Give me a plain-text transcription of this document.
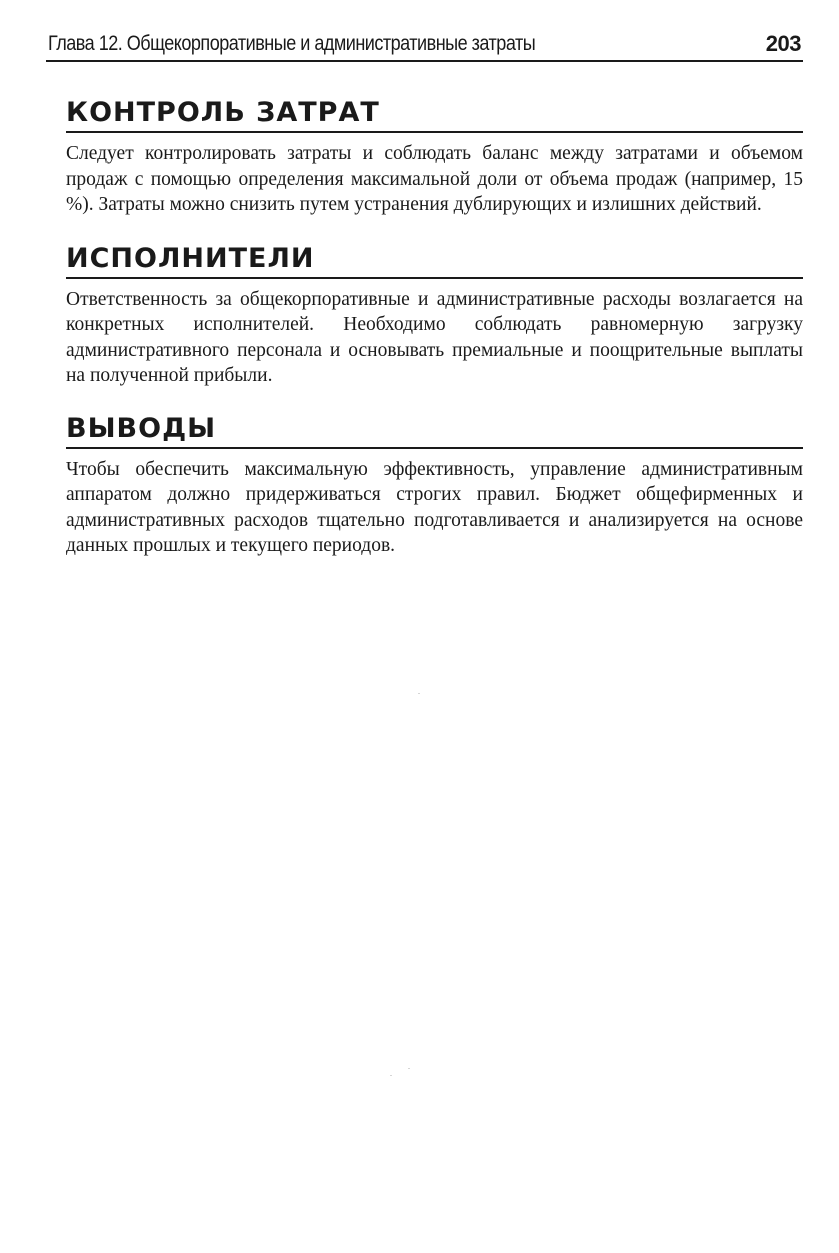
Глава 12. Общекорпоративные и административные затраты	203
КОНТРОЛЬ ЗАТРАТ

Следует контролировать затраты и соблюдать баланс между затратами и объемом продаж с помощью определения максимальной доли от объема продаж (например, 15 %). Затраты можно снизить путем устранения дублирующих и излишних действий.

ИСПОЛНИТЕЛИ

Ответственность за общекорпоративные и административные расходы возлагается на конкретных исполнителей. Необходимо соблюдать равномерную загрузку административного персонала и основывать премиальные и поощрительные выплаты на полученной прибыли.

ВЫВОДЫ

Чтобы обеспечить максимальную эффективность, управление административным аппаратом должно придерживаться строгих правил. Бюджет общефирменных и административных расходов тщательно подготавливается и анализируется на основе данных прошлых и текущего периодов.
